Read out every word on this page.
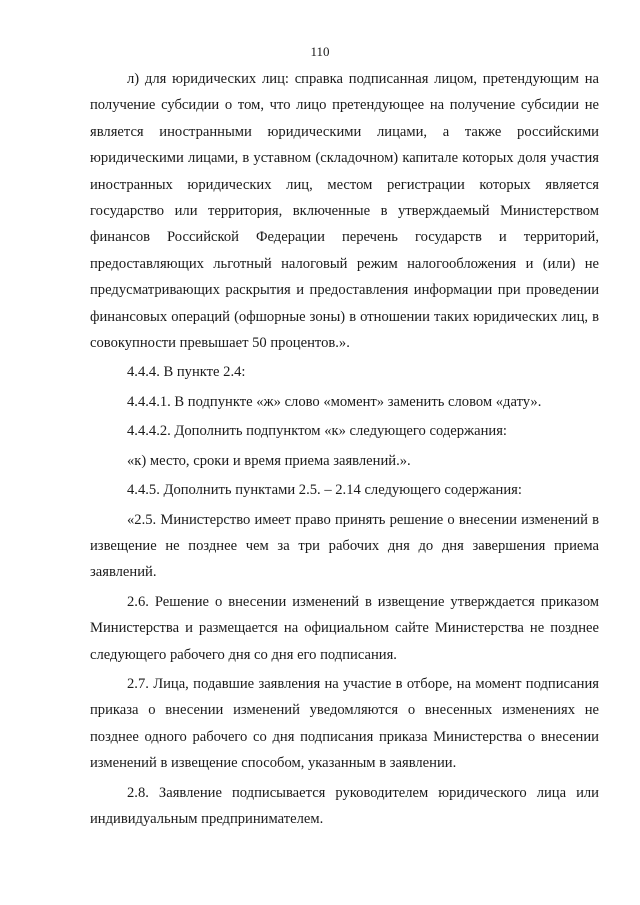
110

л) для юридических лиц: справка подписанная лицом, претендующим на получение субсидии о том, что лицо претендующее на получение субсидии не является иностранными юридическими лицами, а также российскими юридическими лицами, в уставном (складочном) капитале которых доля участия иностранных юридических лиц, местом регистрации которых является государство или территория, включенные в утверждаемый Министерством финансов Российской Федерации перечень государств и территорий, предоставляющих льготный налоговый режим налогообложения и (или) не предусматривающих раскрытия и предоставления информации при проведении финансовых операций (офшорные зоны) в отношении таких юридических лиц, в совокупности превышает 50 процентов.».

4.4.4. В пункте 2.4:

4.4.4.1. В подпункте «ж» слово «момент» заменить словом «дату».

4.4.4.2. Дополнить подпунктом «к» следующего содержания:

«к) место, сроки и время приема заявлений.».

4.4.5. Дополнить пунктами 2.5. – 2.14 следующего содержания:

«2.5. Министерство имеет право принять решение о внесении изменений в извещение не позднее чем за три рабочих дня до дня завершения приема заявлений.

2.6. Решение о внесении изменений в извещение утверждается приказом Министерства и размещается на официальном сайте Министерства не позднее следующего рабочего дня со дня его подписания.

2.7. Лица, подавшие заявления на участие в отборе, на момент подписания приказа о внесении изменений уведомляются о внесенных изменениях не позднее одного рабочего со дня подписания приказа Министерства о внесении изменений в извещение способом, указанным в заявлении.

2.8. Заявление подписывается руководителем юридического лица или индивидуальным предпринимателем.
